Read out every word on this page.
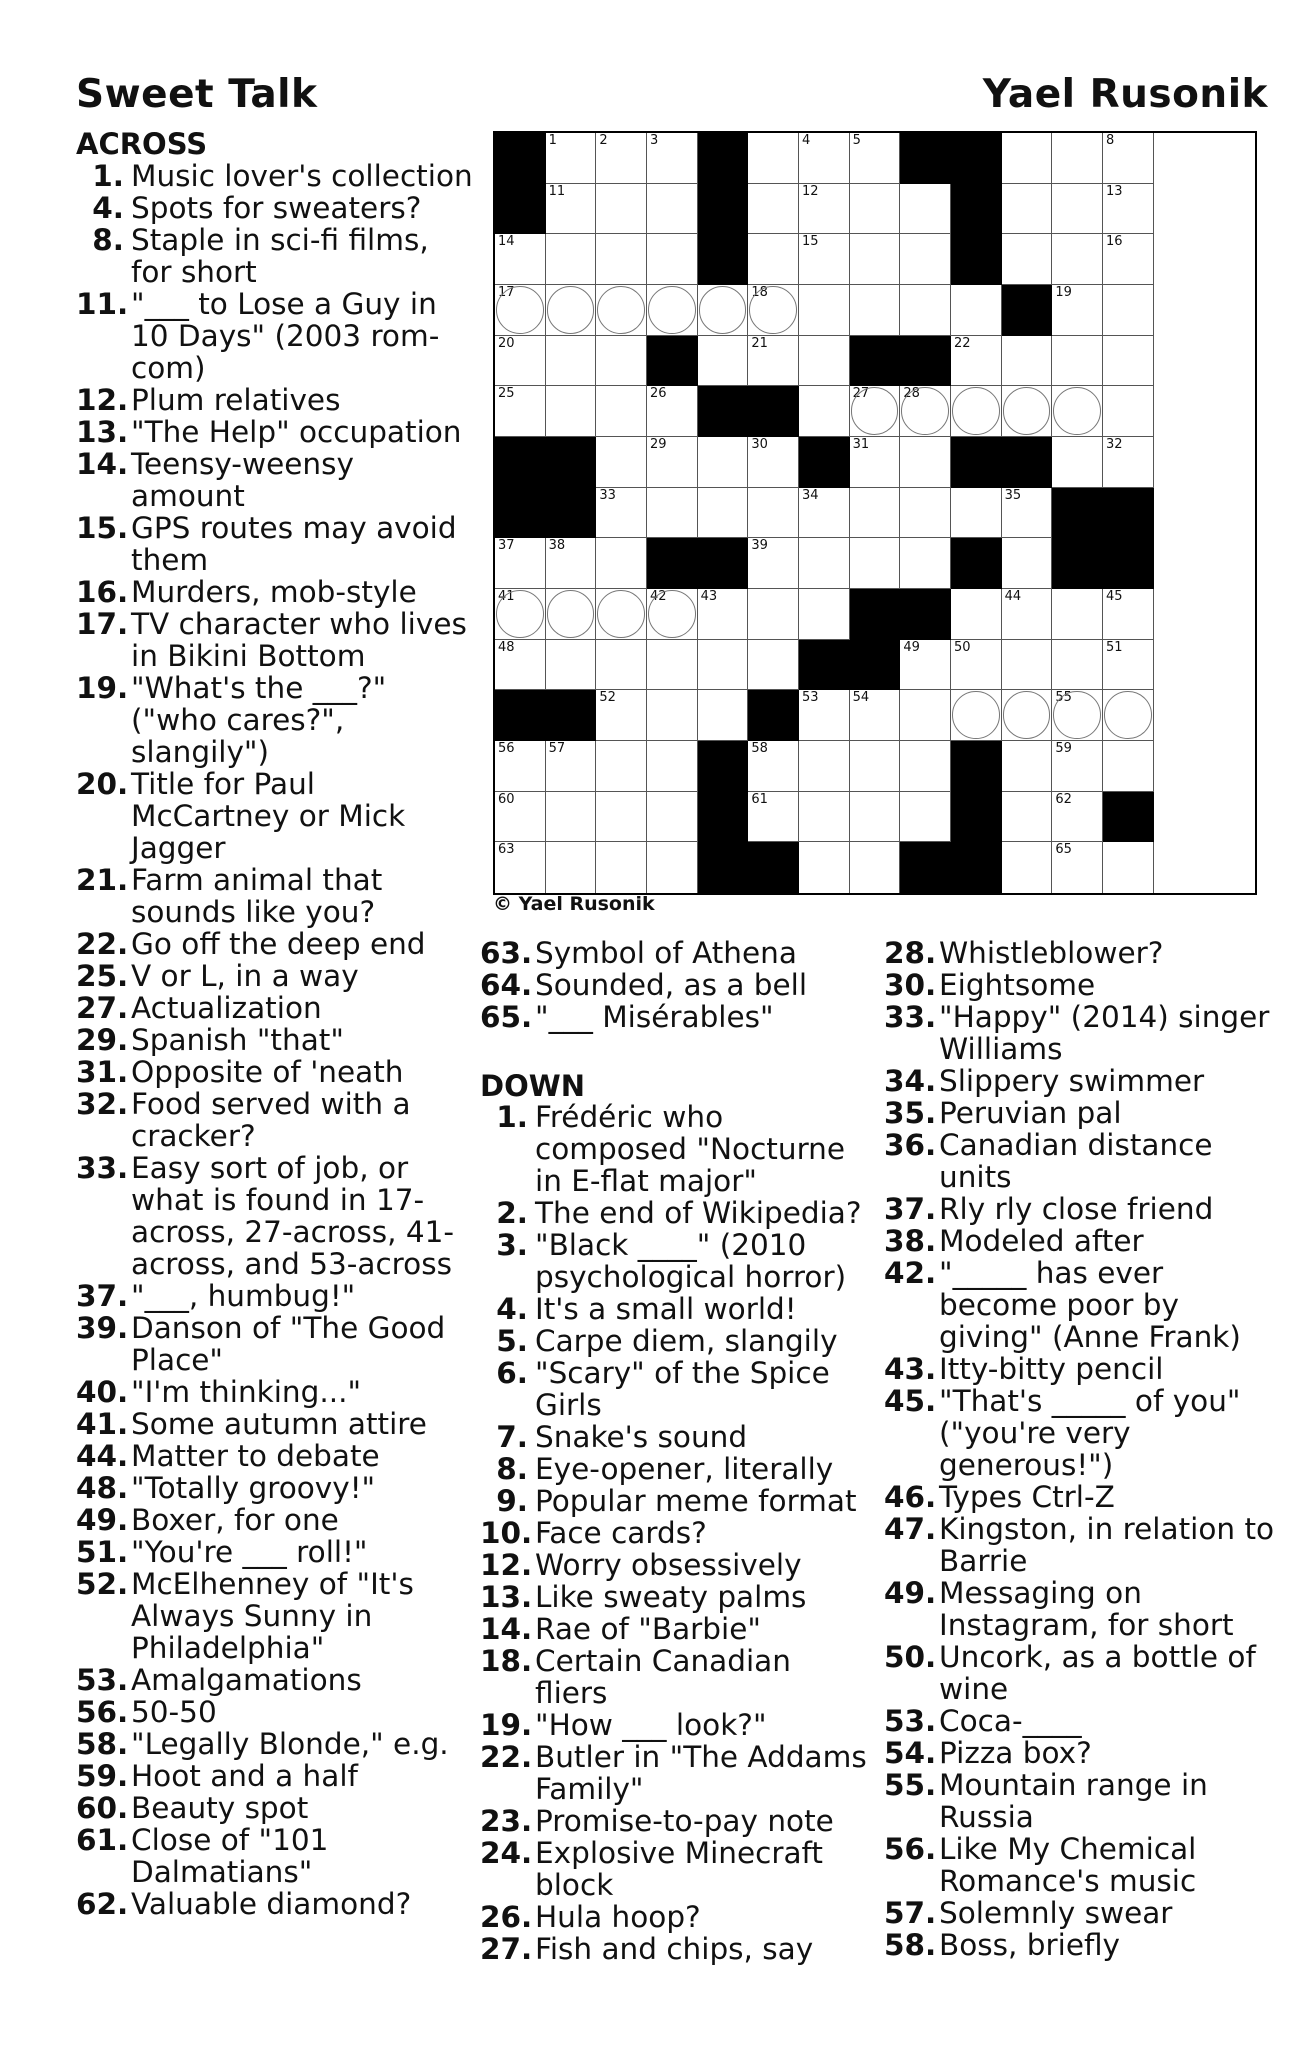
Sweet Talk	Yael Rusonik
ACROSS
1. Music lover's collection
4. Spots for sweaters?
8. Staple in sci-fi films, for short
11. "___ to Lose a Guy in 10 Days" (2003 rom-com)
12. Plum relatives
13. "The Help" occupation
14. Teensy-weensy amount
15. GPS routes may avoid them
16. Murders, mob-style
17. TV character who lives in Bikini Bottom
19. "What's the ___?" ("who cares?", slangily")
20. Title for Paul McCartney or Mick Jagger
21. Farm animal that sounds like you?
22. Go off the deep end
25. V or L, in a way
27. Actualization
29. Spanish "that"
31. Opposite of 'neath
32. Food served with a cracker?
33. Easy sort of job, or what is found in 17-across, 27-across, 41-across, and 53-across
37. "___, humbug!"
39. Danson of "The Good Place"
40. "I'm thinking..."
41. Some autumn attire
44. Matter to debate
48. "Totally groovy!"
49. Boxer, for one
51. "You're ___ roll!"
52. McElhenney of "It's Always Sunny in Philadelphia"
53. Amalgamations
56. 50-50
58. "Legally Blonde," e.g.
59. Hoot and a half
60. Beauty spot
61. Close of "101 Dalmatians"
62. Valuable diamond?
1	2	3	4	5	8
11	12	13
14	15	16
17	18	19
20	21	22
25	26	27	28
29	30	31	32
33	34	35
37	38	39
41	42	43	44	45
48	49	50	51
52	53	54	55
56	57	58	59
60	61	62
63	65
© Yael Rusonik
63. Symbol of Athena
64. Sounded, as a bell
65. "___ Misérables"
DOWN
1. Frédéric who composed "Nocturne in E-flat major"
2. The end of Wikipedia?
3. "Black ____" (2010 psychological horror)
4. It's a small world!
5. Carpe diem, slangily
6. "Scary" of the Spice Girls
7. Snake's sound
8. Eye-opener, literally
9. Popular meme format
10. Face cards?
12. Worry obsessively
13. Like sweaty palms
14. Rae of "Barbie"
18. Certain Canadian fliers
19. "How ___ look?"
22. Butler in "The Addams Family"
23. Promise-to-pay note
24. Explosive Minecraft block
26. Hula hoop?
27. Fish and chips, say
28. Whistleblower?
30. Eightsome
33. "Happy" (2014) singer Williams
34. Slippery swimmer
35. Peruvian pal
36. Canadian distance units
37. Rly rly close friend
38. Modeled after
42. "_____ has ever become poor by giving" (Anne Frank)
43. Itty-bitty pencil
45. "That's _____ of you" ("you're very generous!")
46. Types Ctrl-Z
47. Kingston, in relation to Barrie
49. Messaging on Instagram, for short
50. Uncork, as a bottle of wine
53. Coca-____
54. Pizza box?
55. Mountain range in Russia
56. Like My Chemical Romance's music
57. Solemnly swear
58. Boss, briefly
